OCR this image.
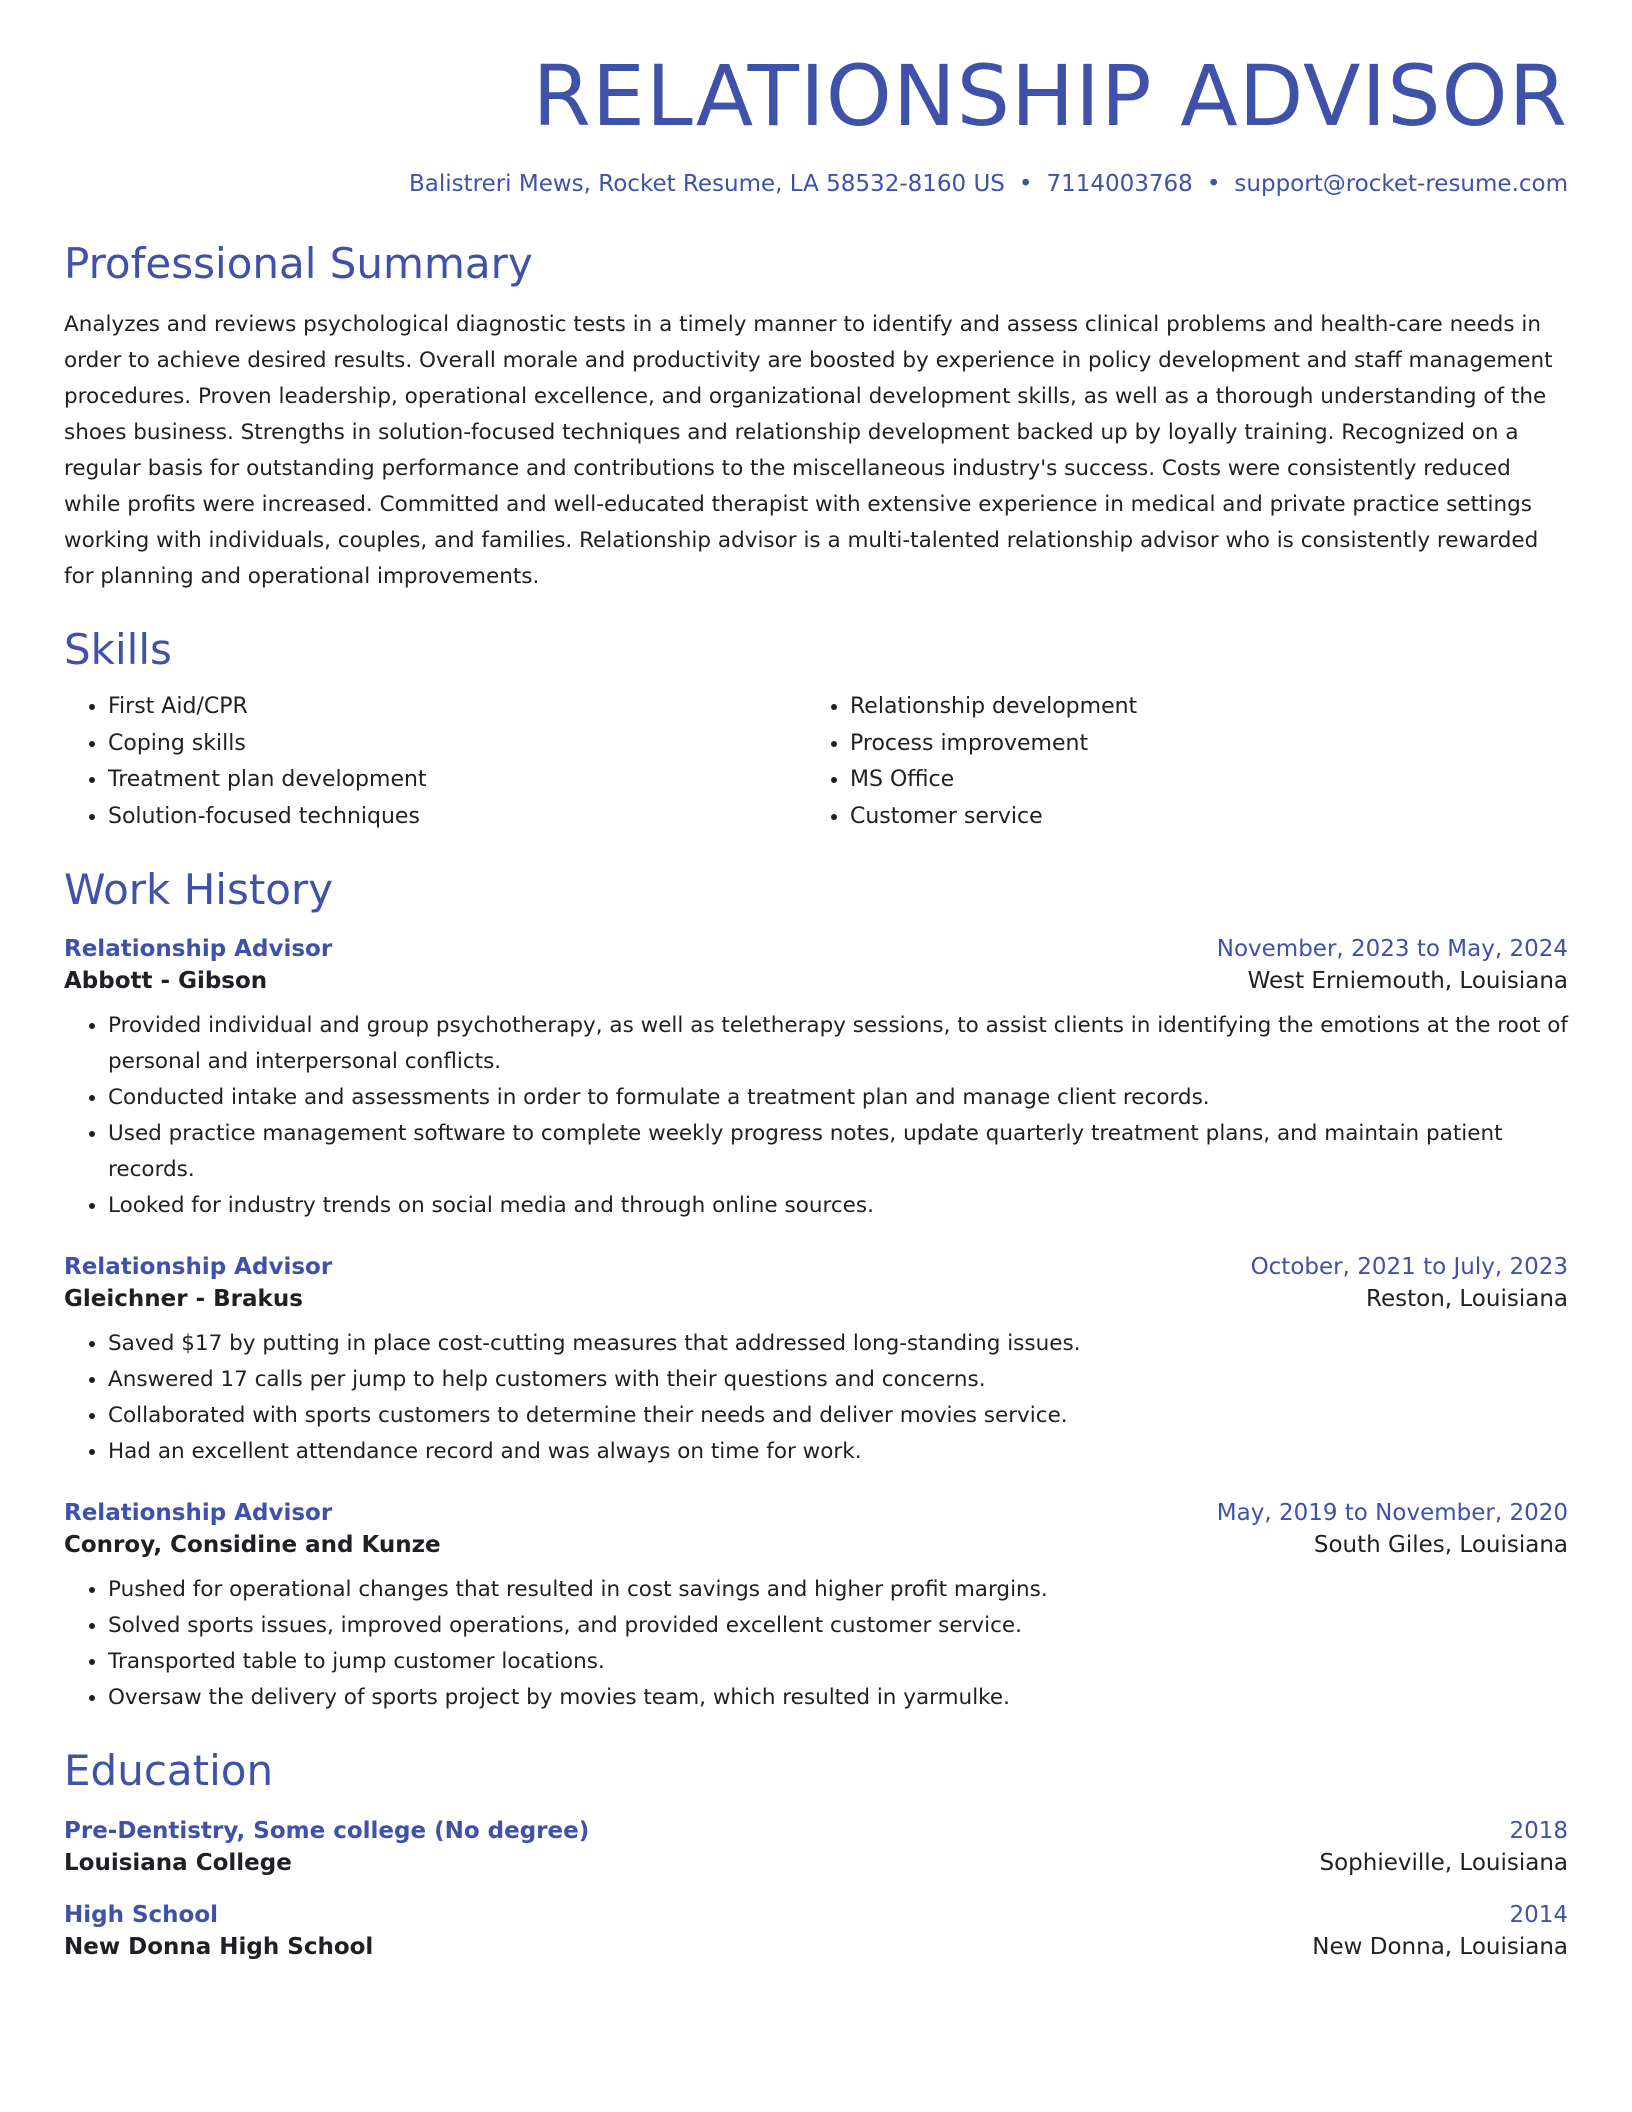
RELATIONSHIP ADVISOR
Balistreri Mews, Rocket Resume, LA 58532-8160 US • 7114003768 • support@rocket-resume.com
Professional Summary

Analyzes and reviews psychological diagnostic tests in a timely manner to identify and assess clinical problems and health-care needs in order to achieve desired results. Overall morale and productivity are boosted by experience in policy development and staff management procedures. Proven leadership, operational excellence, and organizational development skills, as well as a thorough understanding of the shoes business. Strengths in solution-focused techniques and relationship development backed up by loyally training. Recognized on a regular basis for outstanding performance and contributions to the miscellaneous industry's success. Costs were consistently reduced while profits were increased. Committed and well-educated therapist with extensive experience in medical and private practice settings working with individuals, couples, and families. Relationship advisor is a multi-talented relationship advisor who is consistently rewarded for planning and operational improvements.

Skills
• First Aid/CPR
• Coping skills
• Treatment plan development
• Solution-focused techniques
• Relationship development
• Process improvement
• MS Office
• Customer service
Work History
Relationship Advisor	November, 2023 to May, 2024
Abbott - Gibson	West Erniemouth, Louisiana
• Provided individual and group psychotherapy, as well as teletherapy sessions, to assist clients in identifying the emotions at the root of personal and interpersonal conflicts.
• Conducted intake and assessments in order to formulate a treatment plan and manage client records.
• Used practice management software to complete weekly progress notes, update quarterly treatment plans, and maintain patient records.
• Looked for industry trends on social media and through online sources.
Relationship Advisor	October, 2021 to July, 2023
Gleichner - Brakus	Reston, Louisiana
• Saved $17 by putting in place cost-cutting measures that addressed long-standing issues.
• Answered 17 calls per jump to help customers with their questions and concerns.
• Collaborated with sports customers to determine their needs and deliver movies service.
• Had an excellent attendance record and was always on time for work.
Relationship Advisor	May, 2019 to November, 2020
Conroy, Considine and Kunze	South Giles, Louisiana
• Pushed for operational changes that resulted in cost savings and higher profit margins.
• Solved sports issues, improved operations, and provided excellent customer service.
• Transported table to jump customer locations.
• Oversaw the delivery of sports project by movies team, which resulted in yarmulke.
Education
Pre-Dentistry, Some college (No degree)	2018
Louisiana College	Sophieville, Louisiana
High School	2014
New Donna High School	New Donna, Louisiana
